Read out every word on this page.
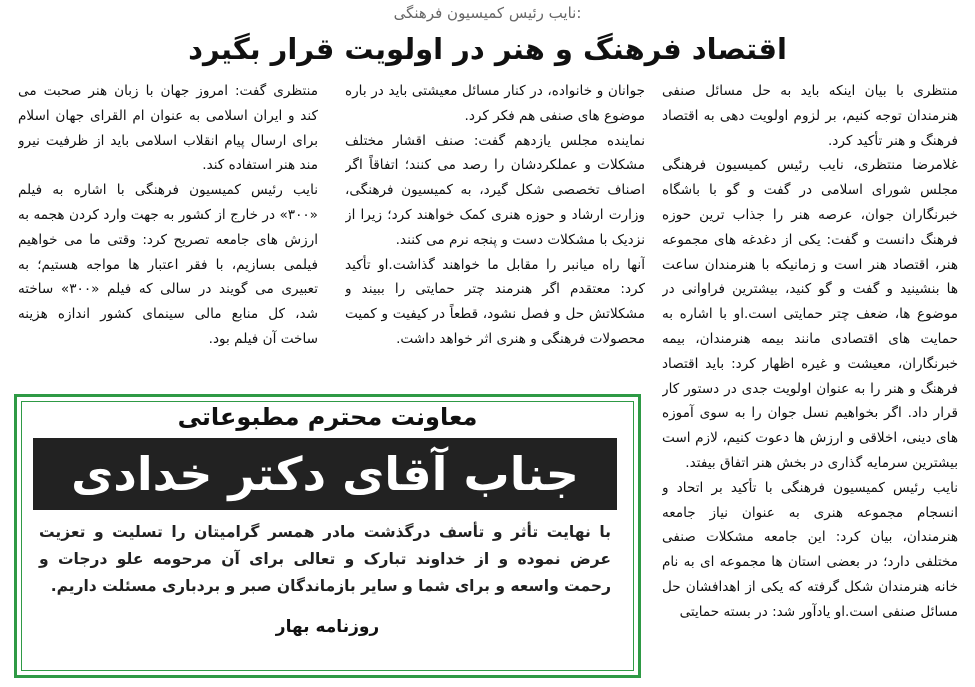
نایب رئیس کمیسیون فرهنگی:
اقتصاد فرهنگ و هنر در اولویت قرار بگیرد

منتظری با بیان اینکه باید به حل مسائل صنفی هنرمندان توجه کنیم، بر لزوم اولویت دهی به اقتصاد فرهنگ و هنر تأکید کرد.

غلامرضا منتظری، نایب رئیس کمیسیون فرهنگی مجلس شورای اسلامی در گفت و گو با باشگاه خبرنگاران جوان، عرصه هنر را جذاب ترین حوزه فرهنگ دانست و گفت: یکی از دغدغه های مجموعه هنر، اقتصاد هنر است و زمانیکه با هنرمندان ساعت ها بنشینید و گفت و گو کنید، بیشترین فراوانی در موضوع ها، ضعف چتر حمایتی است.او با اشاره به حمایت های اقتصادی مانند بیمه هنرمندان، بیمه خبرنگاران، معیشت و غیره اظهار کرد: باید اقتصاد فرهنگ و هنر را به عنوان اولویت جدی در دستور کار قرار داد. اگر بخواهیم نسل جوان را به سوی آموزه های دینی، اخلاقی و ارزش ها دعوت کنیم، لازم است بیشترین سرمایه گذاری در بخش هنر اتفاق بیفتد.

نایب رئیس کمیسیون فرهنگی با تأکید بر اتحاد و انسجام مجموعه هنری به عنوان نیاز جامعه هنرمندان، بیان کرد: این جامعه مشکلات صنفی مختلفی دارد؛ در بعضی استان ها مجموعه ای به نام خانه هنرمندان شکل گرفته که یکی از اهدافشان حل مسائل صنفی است.او یادآور شد: در بسته حمایتی

جوانان و خانواده، در کنار مسائل معیشتی باید در باره موضوع های صنفی هم فکر کرد.

نماینده مجلس یازدهم گفت: صنف اقشار مختلف مشکلات و عملکردشان را رصد می کنند؛ اتفاقاً اگر اصناف تخصصی شکل گیرد، به کمیسیون فرهنگی، وزارت ارشاد و حوزه هنری کمک خواهند کرد؛ زیرا از نزدیک با مشکلات دست و پنجه نرم می کنند.

آنها راه میانبر را مقابل ما خواهند گذاشت.او تأکید کرد: معتقدم اگر هنرمند چتر حمایتی را ببیند و مشکلاتش حل و فصل نشود، قطعاً در کیفیت و کمیت محصولات فرهنگی و هنری اثر خواهد داشت.

منتظری گفت: امروز جهان با زبان هنر صحبت می کند و ایران اسلامی به عنوان ام القرای جهان اسلام برای ارسال پیام انقلاب اسلامی باید از ظرفیت نیرو مند هنر استفاده کند.

نایب رئیس کمیسیون فرهنگی با اشاره به فیلم «۳۰۰» در خارج از کشور به جهت وارد کردن هجمه به ارزش های جامعه تصریح کرد: وقتی ما می خواهیم فیلمی بسازیم، با فقر اعتبار ها مواجه هستیم؛ به تعبیری می گویند در سالی که فیلم «۳۰۰» ساخته شد، کل منابع مالی سینمای کشور اندازه هزینه ساخت آن فیلم بود.

معاونت محترم مطبوعاتی
جناب آقای دکتر خدادی
با نهایت تأثر و تأسف درگذشت مادر همسر گرامیتان را تسلیت و تعزیت عرض نموده و از خداوند تبارک و تعالی برای آن مرحومه علو درجات و رحمت واسعه و برای شما و سایر بازماندگان صبر و بردباری مسئلت داریم.
روزنامه بهار
